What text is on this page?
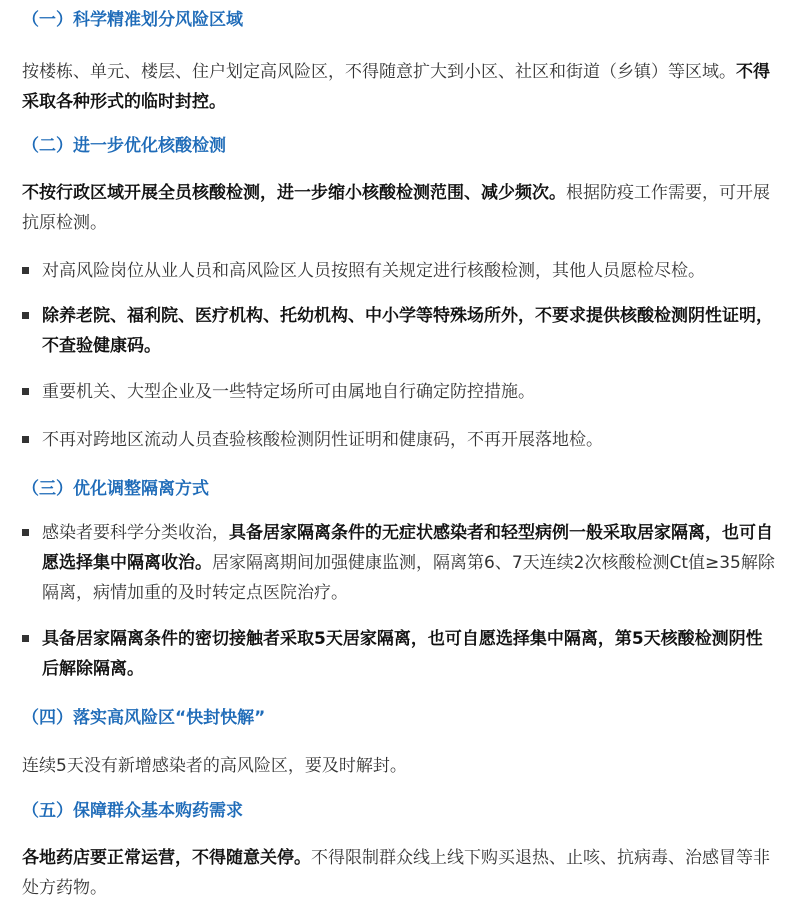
（一）科学精准划分风险区域
按楼栋、单元、楼层、住户划定高风险区，不得随意扩大到小区、社区和街道（乡镇）等区域。不得采取各种形式的临时封控。
（二）进一步优化核酸检测
不按行政区域开展全员核酸检测，进一步缩小核酸检测范围、减少频次。根据防疫工作需要，可开展抗原检测。
对高风险岗位从业人员和高风险区人员按照有关规定进行核酸检测，其他人员愿检尽检。
除养老院、福利院、医疗机构、托幼机构、中小学等特殊场所外，不要求提供核酸检测阴性证明，不查验健康码。
重要机关、大型企业及一些特定场所可由属地自行确定防控措施。
不再对跨地区流动人员查验核酸检测阴性证明和健康码，不再开展落地检。
（三）优化调整隔离方式
感染者要科学分类收治，具备居家隔离条件的无症状感染者和轻型病例一般采取居家隔离，也可自愿选择集中隔离收治。居家隔离期间加强健康监测，隔离第6、7天连续2次核酸检测Ct值≥35解除隔离，病情加重的及时转定点医院治疗。
具备居家隔离条件的密切接触者采取5天居家隔离，也可自愿选择集中隔离，第5天核酸检测阴性后解除隔离。
（四）落实高风险区“快封快解”
连续5天没有新增感染者的高风险区，要及时解封。
（五）保障群众基本购药需求
各地药店要正常运营，不得随意关停。不得限制群众线上线下购买退热、止咳、抗病毒、治感冒等非处方药物。
